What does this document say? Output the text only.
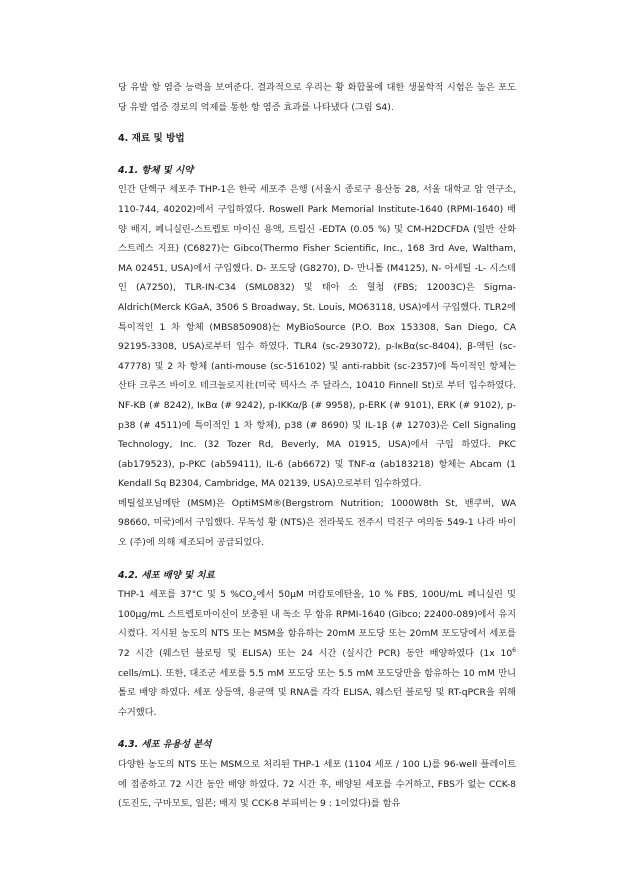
당 유발 항 염증 능력을 보여준다. 결과적으로 우리는 황 화합물에 대한 생물학적 시험은 높은 포도당 유발 염증 경로의 억제를 통한 항 염증 효과를 나타냈다 (그림 S4).

4. 재료 및 방법
4.1. 항체 및 시약

인간 단핵구 세포주 THP-1은 한국 세포주 은행 (서울시 종로구 용산동 28, 서울 대학교 암 연구소, 110-744, 40202)에서 구입하였다. Roswell Park Memorial Institute-1640 (RPMI-1640) 배양 배지, 페니실린-스트렙토 마이신 용액, 트립신 -EDTA (0.05 %) 및 CM-H2DCFDA (일반 산화 스트레스 지표) (C6827)는 Gibco(Thermo Fisher Scientific, Inc., 168 3rd Ave, Waltham, MA 02451, USA)에서 구입했다. D- 포도당 (G8270), D- 만니톨 (M4125), N- 아세틸 -L- 시스테인 (A7250), TLR-IN-C34 (SML0832) 및 태아 소 혈청 (FBS; 12003C)은 Sigma-Aldrich(Merck KGaA, 3506 S Broadway, St. Louis, MO63118, USA)에서 구입했다. TLR2에 특이적인 1 차 항체 (MBS850908)는 MyBioSource (P.O. Box 153308, San Diego, CA 92195-3308, USA)로부터 입수 하였다. TLR4 (sc-293072), p-IκBα(sc-8404), β-액틴 (sc-47778) 및 2 차 항체 (anti-mouse (sc-516102) 및 anti-rabbit (sc-2357)에 특이적인 항체는 산타 크루즈 바이오 테크놀로지社(미국 텍사스 주 달라스, 10410 Finnell St)로 부터 입수하였다. NF-KB (# 8242), IκBα (# 9242), p-IKKα/β (# 9958), p-ERK (# 9101), ERK (# 9102), p-p38 (# 4511)에 특이적인 1 차 항체), p38 (# 8690) 및 IL-1β (# 12703)은 Cell Signaling Technology, Inc. (32 Tozer Rd, Beverly, MA 01915, USA)에서 구입 하였다. PKC (ab179523), p-PKC (ab59411), IL-6 (ab6672) 및 TNF-α (ab183218) 항체는 Abcam (1 Kendall Sq B2304, Cambridge, MA 02139, USA)으로부터 입수하였다.

메틸설포닐메탄 (MSM)은 OptiMSM®(Bergstrom Nutrition; 1000W8th St, 밴쿠버, WA 98660, 미국)에서 구입했다. 무독성 황 (NTS)은 전라북도 전주시 덕진구 여의동 549-1 나라 바이오 (주)에 의해 제조되어 공급되었다.

4.2. 세포 배양 및 치료

THP-1 세포를 37°C 및 5 $\%CO_2$에서 50μM 머캅토에탄올, 10 % FBS, 100U/mL 페니실린 및 100μg/mL 스트렙토마이신이 보충된 내 독소 무 함유 RPMI-1640 (Gibco; 22400-089)에서 유지시켰다. 지시된 농도의 NTS 또는 MSM을 함유하는 20mM 포도당 또는 20mM 포도당에서 세포를 72 시간 (웨스턴 블로팅 및 ELISA) 또는 24 시간 (실시간 PCR) 동안 배양하였다 (1x $10^6$ cells/mL). 또한, 대조군 세포를 5.5 mM 포도당 또는 5.5 mM 포도당만을 함유하는 10 mM 만니톨로 배양 하였다. 세포 상등액, 용균액 및 RNA를 각각 ELISA, 웨스턴 블로팅 및 RT-qPCR을 위해 수거했다.

4.3. 세포 유용성 분석

다양한 농도의 NTS 또는 MSM으로 처리된 THP-1 세포 (1104 세포 / 100 L)를 96-well 플레이트에 접종하고 72 시간 동안 배양 하였다. 72 시간 후, 배양된 세포를 수거하고, FBS가 없는 CCK-8 (도진도, 구마모토, 일본; 배지 및 CCK-8 부피비는 9 : 1이었다)를 함유
